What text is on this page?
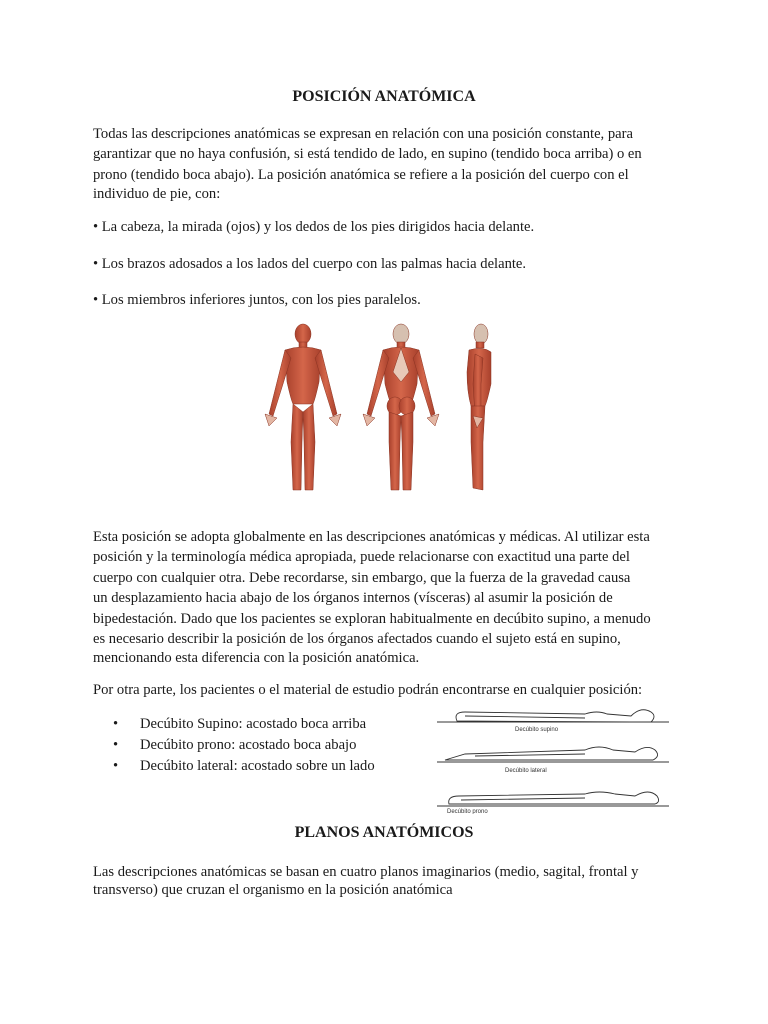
POSICIÓN ANATÓMICA

Todas las descripciones anatómicas se expresan en relación con una posición constante, para

garantizar que no haya confusión, si está tendido de lado, en supino (tendido boca arriba) o en

prono (tendido boca abajo). La posición anatómica se refiere a la posición del cuerpo con el

individuo de pie, con:

• La cabeza, la mirada (ojos) y los dedos de los pies dirigidos hacia delante.

• Los brazos adosados a los lados del cuerpo con las palmas hacia delante.

• Los miembros inferiores juntos, con los pies paralelos.

Esta posición se adopta globalmente en las descripciones anatómicas y médicas. Al utilizar esta

posición y la terminología médica apropiada, puede relacionarse con exactitud una parte del

cuerpo con cualquier otra. Debe recordarse, sin embargo, que la fuerza de la gravedad causa

un desplazamiento hacia abajo de los órganos internos (vísceras) al asumir la posición de

bipedestación. Dado que los pacientes se exploran habitualmente en decúbito supino, a menudo

es necesario describir la posición de los órganos afectados cuando el sujeto está en supino,

mencionando esta diferencia con la posición anatómica.

Por otra parte, los pacientes o el material de estudio podrán encontrarse en cualquier posición:

• Decúbito Supino: acostado boca arriba
• Decúbito prono: acostado boca abajo
• Decúbito lateral: acostado sobre un lado
Decúbito supino
Decúbito lateral
Decúbito prono
PLANOS ANATÓMICOS

Las descripciones anatómicas se basan en cuatro planos imaginarios (medio, sagital, frontal y

transverso) que cruzan el organismo en la posición anatómica
